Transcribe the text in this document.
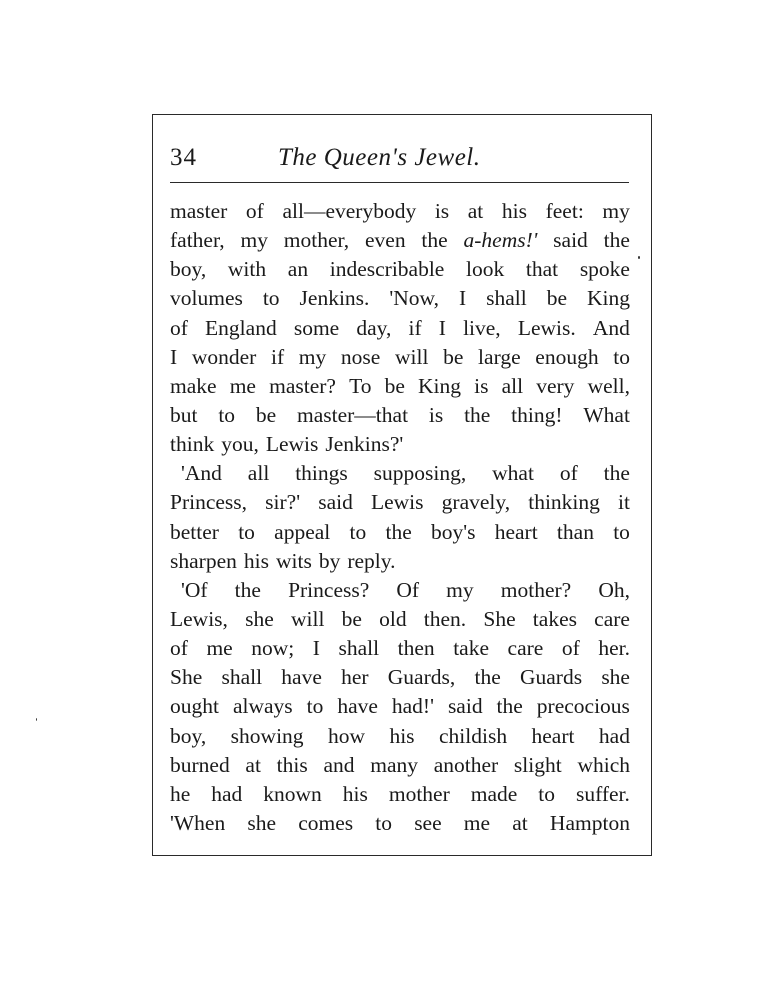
34	The Queen's Jewel.
master of all—everybody is at his feet: my
father, my mother, even the a-hems!' said the
boy, with an indescribable look that spoke
volumes to Jenkins. 'Now, I shall be King
of England some day, if I live, Lewis. And
I wonder if my nose will be large enough to
make me master? To be King is all very well,
but to be master—that is the thing! What
think you, Lewis Jenkins?'
'And all things supposing, what of the
Princess, sir?' said Lewis gravely, thinking it
better to appeal to the boy's heart than to
sharpen his wits by reply.
'Of the Princess? Of my mother? Oh,
Lewis, she will be old then. She takes care
of me now; I shall then take care of her.
She shall have her Guards, the Guards she
ought always to have had!' said the precocious
boy, showing how his childish heart had
burned at this and many another slight which
he had known his mother made to suffer.
'When she comes to see me at Hampton
